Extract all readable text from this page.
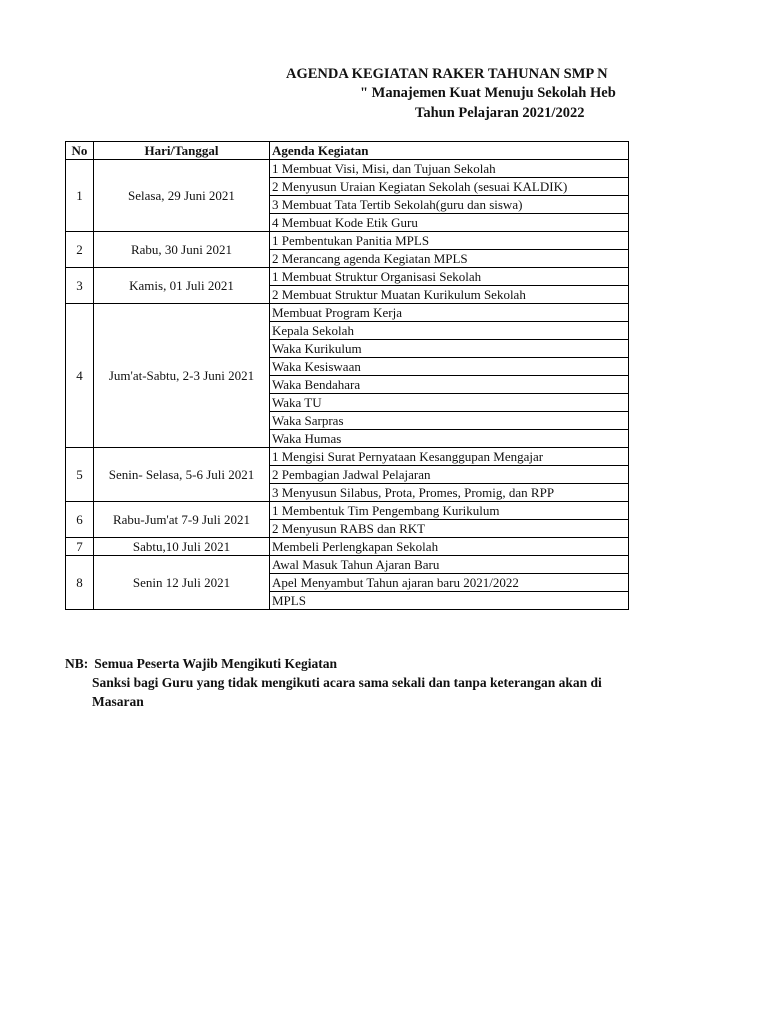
AGENDA KEGIATAN RAKER TAHUNAN SMP N
" Manajemen Kuat Menuju Sekolah Heb
Tahun Pelajaran 2021/2022
No	Hari/Tanggal	Agenda Kegiatan
1	Selasa, 29 Juni 2021	1 Membuat Visi, Misi, dan Tujuan Sekolah
		2 Menyusun Uraian Kegiatan Sekolah (sesuai KALDIK)
		3 Membuat Tata Tertib Sekolah(guru dan siswa)
		4 Membuat Kode Etik Guru
2	Rabu, 30 Juni 2021	1 Pembentukan Panitia MPLS
		2 Merancang agenda Kegiatan MPLS
3	Kamis, 01 Juli 2021	1 Membuat Struktur Organisasi Sekolah
		2 Membuat Struktur Muatan Kurikulum Sekolah
4	Jum'at-Sabtu, 2-3 Juni 2021	Membuat Program Kerja
		Kepala Sekolah
		Waka Kurikulum
		Waka Kesiswaan
		Waka Bendahara
		Waka TU
		Waka Sarpras
		Waka Humas
5	Senin- Selasa, 5-6 Juli 2021	1 Mengisi Surat Pernyataan Kesanggupan Mengajar
		2 Pembagian Jadwal Pelajaran
		3 Menyusun Silabus, Prota, Promes, Promig, dan RPP
6	Rabu-Jum'at 7-9 Juli 2021	1 Membentuk Tim Pengembang Kurikulum
		2 Menyusun RABS dan RKT
7	Sabtu,10 Juli 2021	Membeli Perlengkapan Sekolah
8	Senin 12 Juli 2021	Awal Masuk Tahun Ajaran Baru
		Apel Menyambut Tahun ajaran baru 2021/2022
		MPLS
NB: Semua Peserta Wajib Mengikuti Kegiatan
Sanksi bagi Guru yang tidak mengikuti acara sama sekali dan tanpa keterangan akan di
Masaran
